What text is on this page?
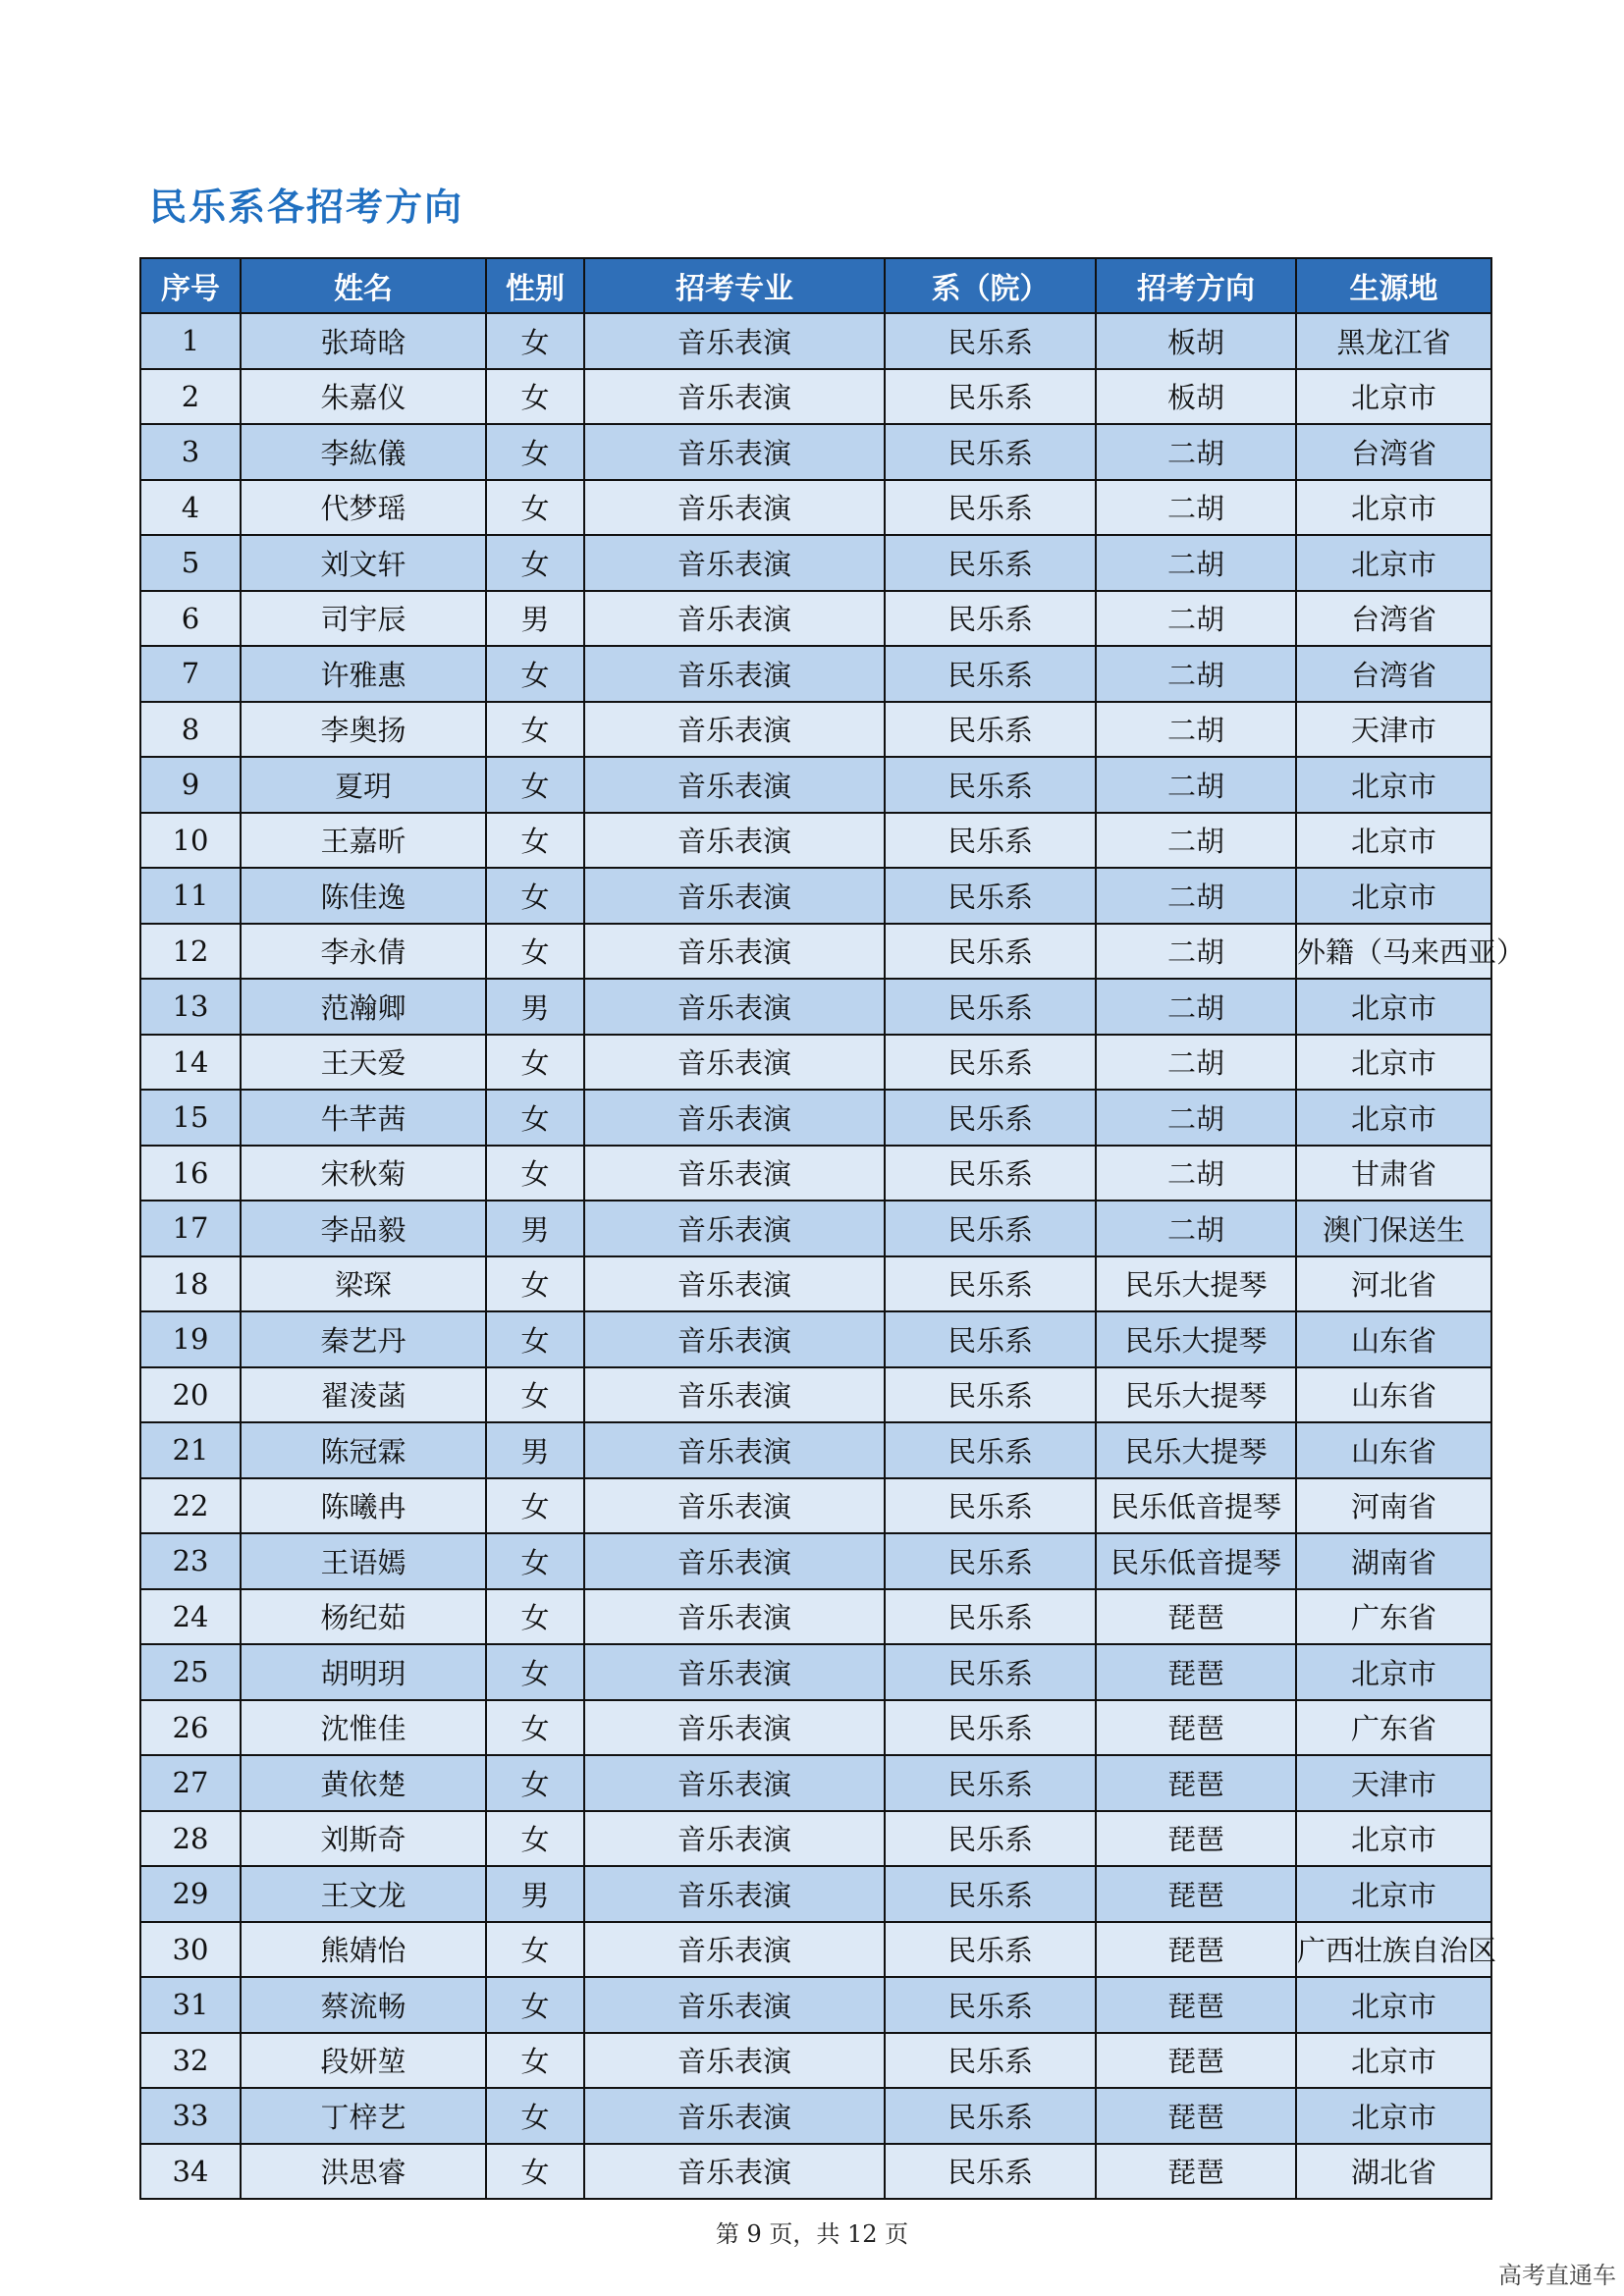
民乐系各招考方向
序号	姓名	性别	招考专业	系（院）	招考方向	生源地
1	张琦晗	女	音乐表演	民乐系	板胡	黑龙江省
2	朱嘉仪	女	音乐表演	民乐系	板胡	北京市
3	李紘儀	女	音乐表演	民乐系	二胡	台湾省
4	代梦瑶	女	音乐表演	民乐系	二胡	北京市
5	刘文轩	女	音乐表演	民乐系	二胡	北京市
6	司宇辰	男	音乐表演	民乐系	二胡	台湾省
7	许雅惠	女	音乐表演	民乐系	二胡	台湾省
8	李奥扬	女	音乐表演	民乐系	二胡	天津市
9	夏玥	女	音乐表演	民乐系	二胡	北京市
10	王嘉昕	女	音乐表演	民乐系	二胡	北京市
11	陈佳逸	女	音乐表演	民乐系	二胡	北京市
12	李永倩	女	音乐表演	民乐系	二胡	外籍（马来西亚）
13	范瀚卿	男	音乐表演	民乐系	二胡	北京市
14	王天爱	女	音乐表演	民乐系	二胡	北京市
15	牛芊茜	女	音乐表演	民乐系	二胡	北京市
16	宋秋菊	女	音乐表演	民乐系	二胡	甘肃省
17	李品毅	男	音乐表演	民乐系	二胡	澳门保送生
18	梁琛	女	音乐表演	民乐系	民乐大提琴	河北省
19	秦艺丹	女	音乐表演	民乐系	民乐大提琴	山东省
20	翟淩菡	女	音乐表演	民乐系	民乐大提琴	山东省
21	陈冠霖	男	音乐表演	民乐系	民乐大提琴	山东省
22	陈曦冉	女	音乐表演	民乐系	民乐低音提琴	河南省
23	王语嫣	女	音乐表演	民乐系	民乐低音提琴	湖南省
24	杨纪茹	女	音乐表演	民乐系	琵琶	广东省
25	胡明玥	女	音乐表演	民乐系	琵琶	北京市
26	沈惟佳	女	音乐表演	民乐系	琵琶	广东省
27	黄依楚	女	音乐表演	民乐系	琵琶	天津市
28	刘斯奇	女	音乐表演	民乐系	琵琶	北京市
29	王文龙	男	音乐表演	民乐系	琵琶	北京市
30	熊婧怡	女	音乐表演	民乐系	琵琶	广西壮族自治区
31	蔡流畅	女	音乐表演	民乐系	琵琶	北京市
32	段妍堃	女	音乐表演	民乐系	琵琶	北京市
33	丁梓艺	女	音乐表演	民乐系	琵琶	北京市
34	洪思睿	女	音乐表演	民乐系	琵琶	湖北省
第 9 页，共 12 页
高考直通车
